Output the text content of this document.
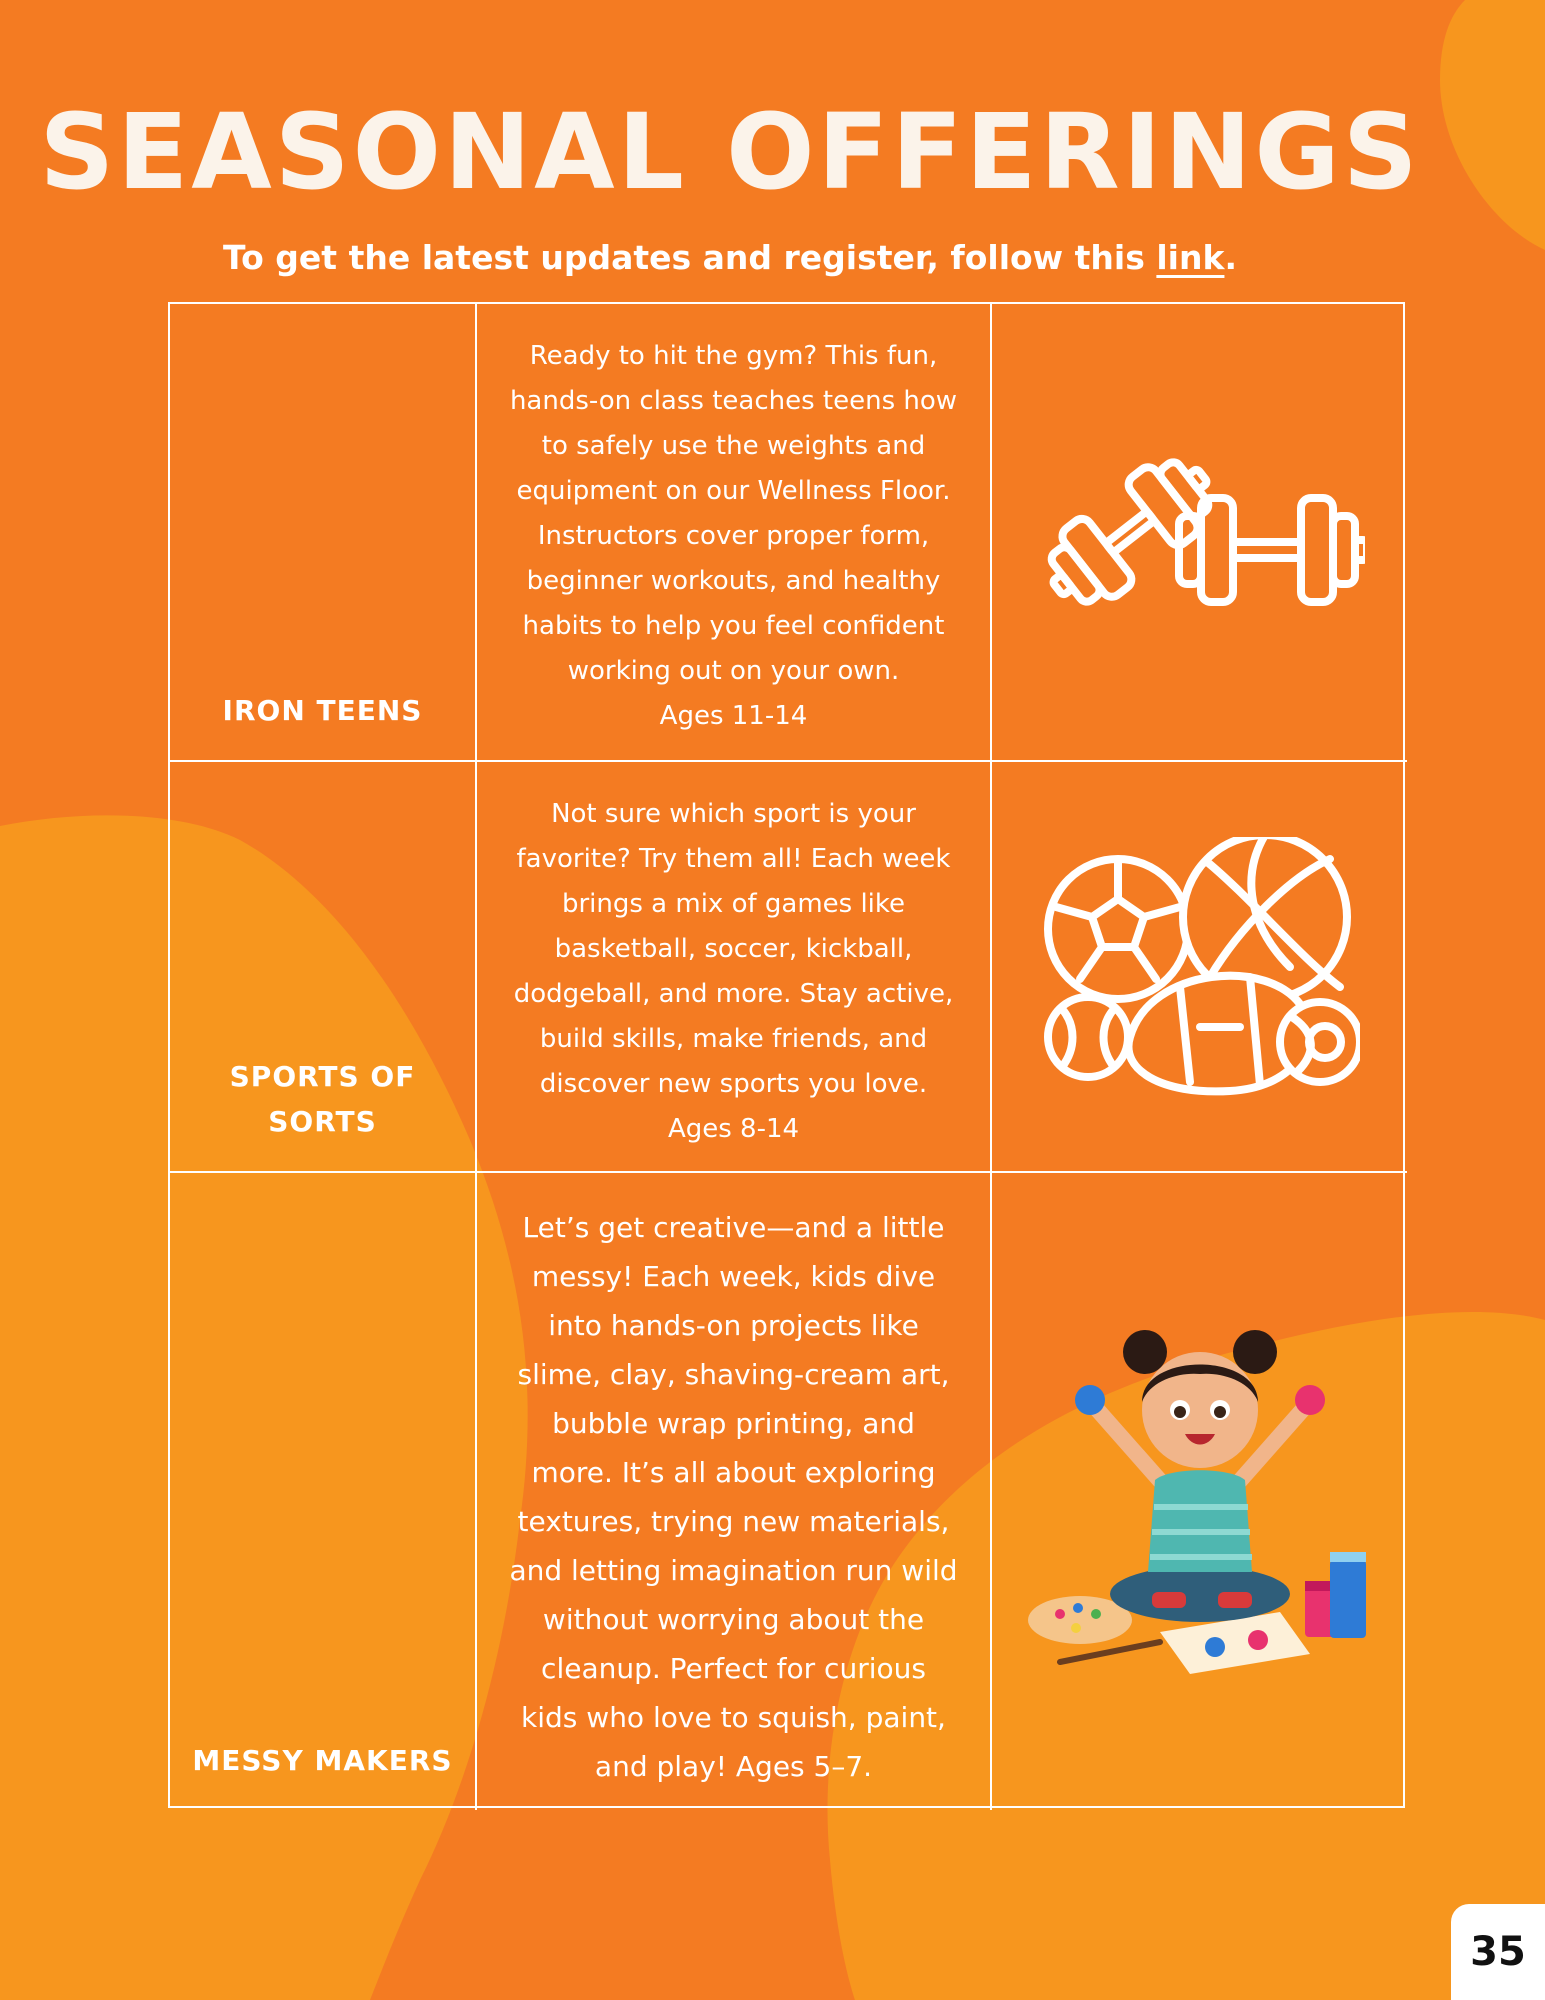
SEASONAL OFFERINGS

To get the latest updates and register, follow this link.

IRON TEENS

Ready to hit the gym? This fun,
hands-on class teaches teens how
to safely use the weights and
equipment on our Wellness Floor.
Instructors cover proper form,
beginner workouts, and healthy
habits to help you feel confident
working out on your own.
Ages 11-14

SPORTS OF
SORTS

Not sure which sport is your
favorite? Try them all! Each week
brings a mix of games like
basketball, soccer, kickball,
dodgeball, and more. Stay active,
build skills, make friends, and
discover new sports you love.
Ages 8-14

MESSY MAKERS

Let’s get creative—and a little
messy! Each week, kids dive
into hands-on projects like
slime, clay, shaving-cream art,
bubble wrap printing, and
more. It’s all about exploring
textures, trying new materials,
and letting imagination run wild
without worrying about the
cleanup. Perfect for curious
kids who love to squish, paint,
and play! Ages 5–7.

35
